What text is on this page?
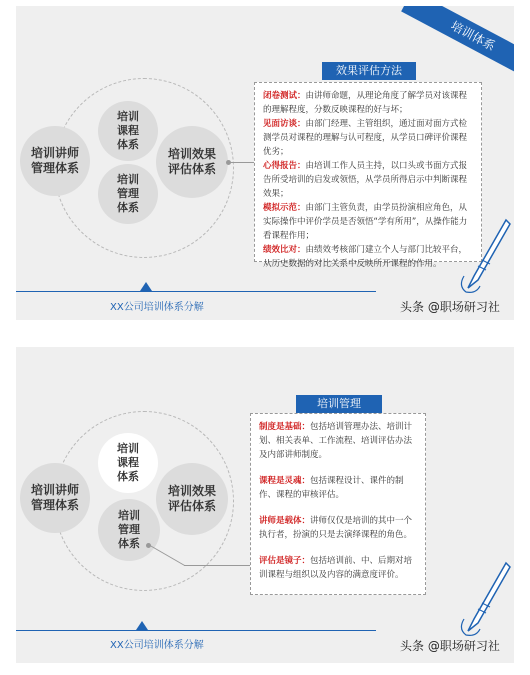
培训体系
培训讲师
管理体系
培训
课程
体系
培训
管理
体系
培训效果
评估体系
效果评估方法
闭卷测试：由讲师命题，从理论角度了解学员对该课程的理解程度，分数反映课程的好与坏；
见面访谈：由部门经理、主管组织，通过面对面方式检测学员对课程的理解与认可程度，从学员口碑评价课程优劣；
心得报告：由培训工作人员主持，以口头或书面方式报告所受培训的启发或领悟，从学员所得启示中判断课程效果；
模拟示范：由部门主管负责，由学员扮演相应角色，从实际操作中评价学员是否领悟“学有所用”，从操作能力看课程作用；
绩效比对：由绩效考核部门建立个人与部门比较平台，从历史数据的对比关系中反映所开课程的作用。
XX公司培训体系分解	头条 @职场研习社
培训讲师
管理体系
培训
课程
体系
培训
管理
体系
培训效果
评估体系
培训管理
制度是基础：包括培训管理办法、培训计划、相关表单、工作流程、培训评估办法及内部讲师制度。
课程是灵魂：包括课程设计、课件的制作、课程的审核评估。
讲师是载体：讲师仅仅是培训的其中一个执行者，扮演的只是去演绎课程的角色。
评估是镜子：包括培训前、中、后期对培训课程与组织以及内容的满意度评价。
XX公司培训体系分解	头条 @职场研习社
